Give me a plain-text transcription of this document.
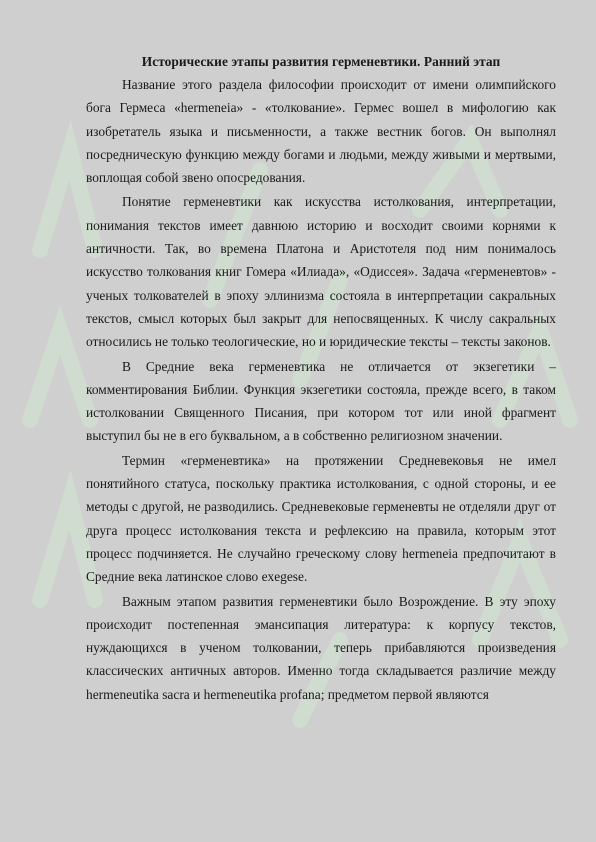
Исторические этапы развития герменевтики. Ранний этап

Название этого раздела философии происходит от имени олимпийского бога Гермеса «hermeneia» - «толкование». Гермес вошел в мифологию как изобретатель языка и письменности, а также вестник богов. Он выполнял посредническую функцию между богами и людьми, между живыми и мертвыми, воплощая собой звено опосредования.

Понятие герменевтики как искусства истолкования, интерпретации, понимания текстов имеет давнюю историю и восходит своими корнями к античности. Так, во времена Платона и Аристотеля под ним понималось искусство толкования книг Гомера «Илиада», «Одиссея». Задача «герменевтов» - ученых толкователей в эпоху эллинизма состояла в интерпретации сакральных текстов, смысл которых был закрыт для непосвященных. К числу сакральных относились не только теологические, но и юридические тексты – тексты законов.

В Средние века герменевтика не отличается от экзегетики – комментирования Библии. Функция экзегетики состояла, прежде всего, в таком истолковании Священного Писания, при котором тот или иной фрагмент выступил бы не в его буквальном, а в собственно религиозном значении.

Термин «герменевтика» на протяжении Средневековья не имел понятийного статуса, поскольку практика истолкования, с одной стороны, и ее методы с другой, не разводились. Средневековые герменевты не отделяли друг от друга процесс истолкования текста и рефлексию на правила, которым этот процесс подчиняется. Не случайно греческому слову hermeneia предпочитают в Средние века латинское слово exegese.

Важным этапом развития герменевтики было Возрождение. В эту эпоху происходит постепенная эмансипация литература: к корпусу текстов, нуждающихся в ученом толковании, теперь прибавляются произведения классических античных авторов. Именно тогда складывается различие между hermeneutika sacra и hermeneutika profana; предметом первой являются
